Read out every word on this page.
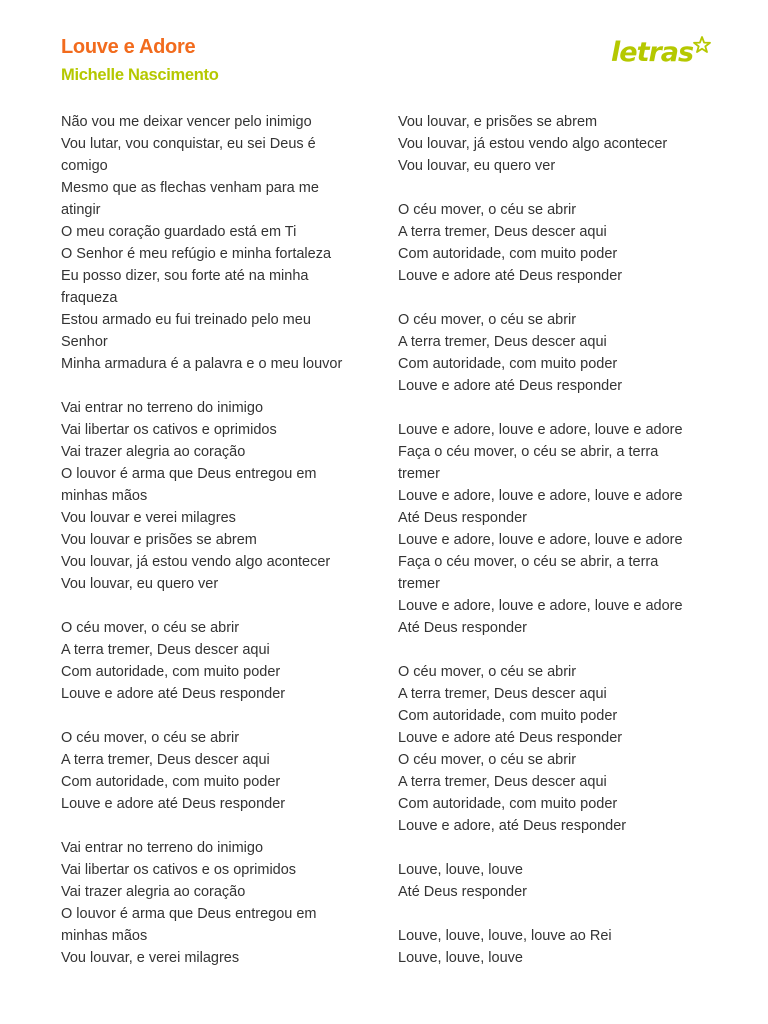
Louve e Adore
Michelle Nascimento
letras

Não vou me deixar vencer pelo inimigo
Vou lutar, vou conquistar, eu sei Deus é
comigo
Mesmo que as flechas venham para me
atingir
O meu coração guardado está em Ti
O Senhor é meu refúgio e minha fortaleza
Eu posso dizer, sou forte até na minha
fraqueza
Estou armado eu fui treinado pelo meu
Senhor
Minha armadura é a palavra e o meu louvor

Vai entrar no terreno do inimigo
Vai libertar os cativos e oprimidos
Vai trazer alegria ao coração
O louvor é arma que Deus entregou em
minhas mãos
Vou louvar e verei milagres
Vou louvar e prisões se abrem
Vou louvar, já estou vendo algo acontecer
Vou louvar, eu quero ver

O céu mover, o céu se abrir
A terra tremer, Deus descer aqui
Com autoridade, com muito poder
Louve e adore até Deus responder

O céu mover, o céu se abrir
A terra tremer, Deus descer aqui
Com autoridade, com muito poder
Louve e adore até Deus responder

Vai entrar no terreno do inimigo
Vai libertar os cativos e os oprimidos
Vai trazer alegria ao coração
O louvor é arma que Deus entregou em
minhas mãos
Vou louvar, e verei milagres

Vou louvar, e prisões se abrem
Vou louvar, já estou vendo algo acontecer
Vou louvar, eu quero ver

O céu mover, o céu se abrir
A terra tremer, Deus descer aqui
Com autoridade, com muito poder
Louve e adore até Deus responder

O céu mover, o céu se abrir
A terra tremer, Deus descer aqui
Com autoridade, com muito poder
Louve e adore até Deus responder

Louve e adore, louve e adore, louve e adore
Faça o céu mover, o céu se abrir, a terra
tremer
Louve e adore, louve e adore, louve e adore
Até Deus responder
Louve e adore, louve e adore, louve e adore
Faça o céu mover, o céu se abrir, a terra
tremer
Louve e adore, louve e adore, louve e adore
Até Deus responder

O céu mover, o céu se abrir
A terra tremer, Deus descer aqui
Com autoridade, com muito poder
Louve e adore até Deus responder
O céu mover, o céu se abrir
A terra tremer, Deus descer aqui
Com autoridade, com muito poder
Louve e adore, até Deus responder

Louve, louve, louve
Até Deus responder

Louve, louve, louve, louve ao Rei
Louve, louve, louve
